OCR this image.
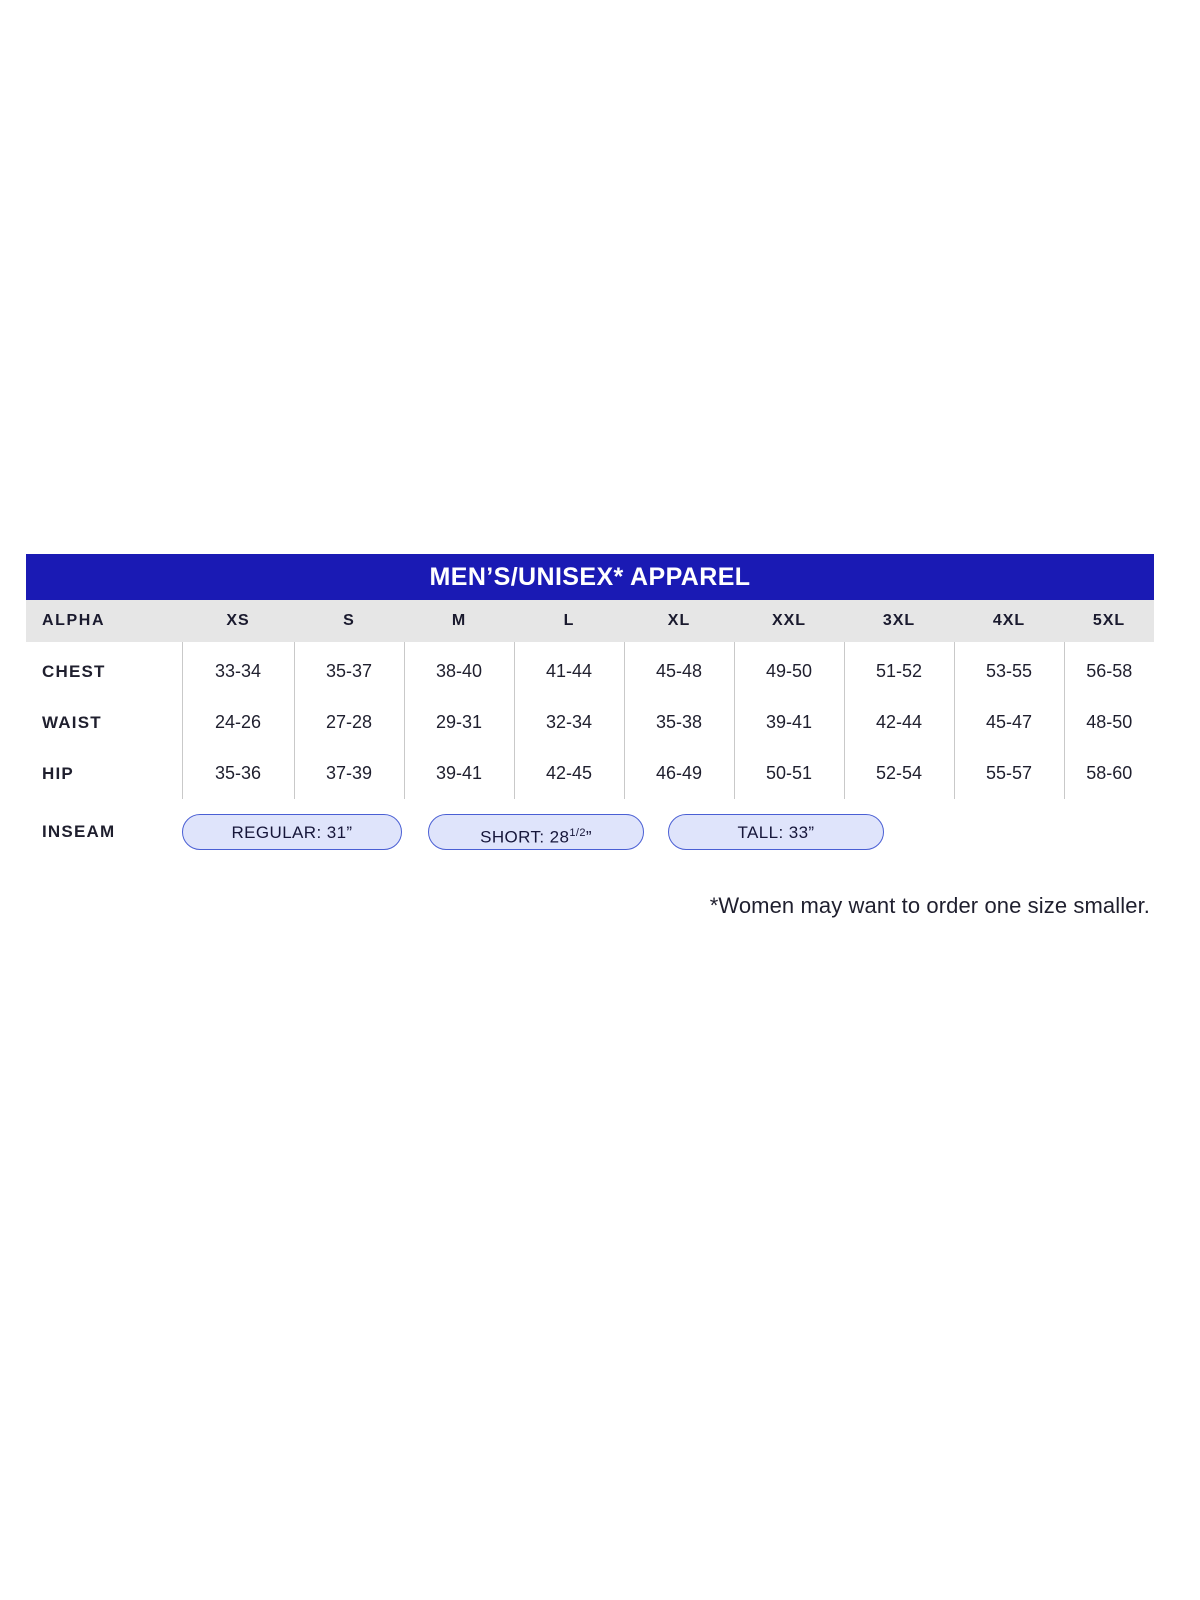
MEN’S/UNISEX* APPAREL
ALPHA	XS	S	M	L	XL	XXL	3XL	4XL	5XL
CHEST	33-34	35-37	38-40	41-44	45-48	49-50	51-52	53-55	56-58
WAIST	24-26	27-28	29-31	32-34	35-38	39-41	42-44	45-47	48-50
HIP	35-36	37-39	39-41	42-45	46-49	50-51	52-54	55-57	58-60
INSEAM	REGULAR: 31”	SHORT: $28^{1/2}$”	TALL: 33”
*Women may want to order one size smaller.
